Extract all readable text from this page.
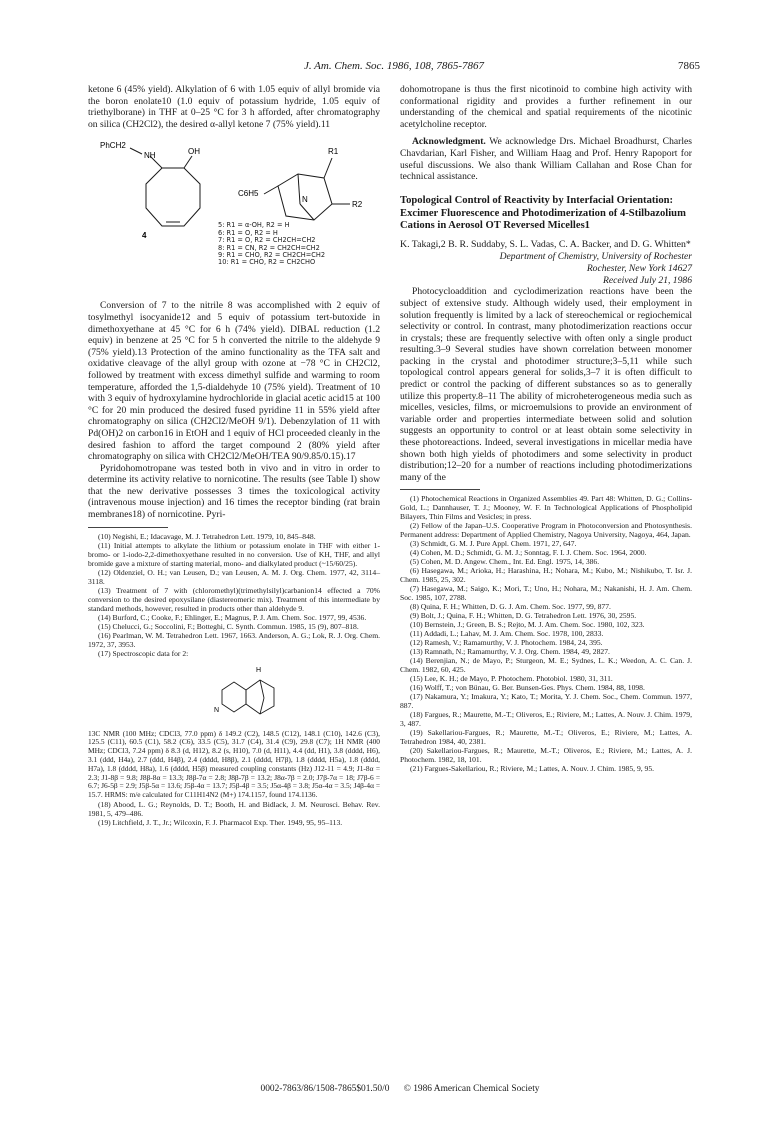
J. Am. Chem. Soc. 1986, 108, 7865-7867	7865

ketone 6 (45% yield). Alkylation of 6 with 1.05 equiv of allyl bromide via the boron enolate10 (1.0 equiv of potassium hydride, 1.05 equiv of triethylborane) in THF at 0–25 °C for 3 h afforded, after chromatography on silica (CH2Cl2), the desired α-allyl ketone 7 (75% yield).11

PhCH2
NH	OH
C6H5
N
R1
R2
4
5: R1 = α-OH, R2 = H
6: R1 = O, R2 = H
7: R1 = O, R2 = CH2CH=CH2
8: R1 = CN, R2 = CH2CH=CH2
9: R1 = CHO, R2 = CH2CH=CH2
10: R1 = CHO, R2 = CH2CHO

Conversion of 7 to the nitrile 8 was accomplished with 2 equiv of tosylmethyl isocyanide12 and 5 equiv of potassium tert-butoxide in dimethoxyethane at 45 °C for 6 h (74% yield). DIBAL reduction (1.2 equiv) in benzene at 25 °C for 5 h converted the nitrile to the aldehyde 9 (75% yield).13 Protection of the amino functionality as the TFA salt and oxidative cleavage of the allyl group with ozone at −78 °C in CH2Cl2, followed by treatment with excess dimethyl sulfide and warming to room temperature, afforded the 1,5-dialdehyde 10 (75% yield). Treatment of 10 with 3 equiv of hydroxylamine hydrochloride in glacial acetic acid15 at 100 °C for 20 min produced the desired fused pyridine 11 in 55% yield after chromatography on silica (CH2Cl2/MeOH 9/1). Debenzylation of 11 with Pd(OH)2 on carbon16 in EtOH and 1 equiv of HCl proceeded cleanly in the desired fashion to afford the target compound 2 (80% yield after chromatography on silica with CH2Cl2/MeOH/TEA 90/9.85/0.15).17

Pyridohomotropane was tested both in vivo and in vitro in order to determine its activity relative to nornicotine. The results (see Table I) show that the new derivative possesses 3 times the toxicological activity (intravenous mouse injection) and 16 times the receptor binding (rat brain membranes18) of nornicotine. Pyri-

(10) Negishi, E.; Idacavage, M. J. Tetrahedron Lett. 1979, 10, 845–848.

(11) Initial attempts to alkylate the lithium or potassium enolate in THF with either 1-bromo- or 1-iodo-2,2-dimethoxyethane resulted in no conversion. Use of KH, THF, and allyl bromide gave a mixture of starting material, mono- and dialkylated product (~15/60/25).

(12) Oldenziel, O. H.; van Leusen, D.; van Leusen, A. M. J. Org. Chem. 1977, 42, 3114–3118.

(13) Treatment of 7 with (chloromethyl)(trimethylsilyl)carbanion14 effected a 70% conversion to the desired epoxysilane (diastereomeric mix). Treatment of this intermediate by standard methods, however, resulted in products other than aldehyde 9.

(14) Burford, C.; Cooke, F.; Ehlinger, E.; Magnus, P. J. Am. Chem. Soc. 1977, 99, 4536.

(15) Chelucci, G.; Soccolini, F.; Botteghi, C. Synth. Commun. 1985, 15 (9), 807–818.

(16) Pearlman, W. M. Tetrahedron Lett. 1967, 1663. Anderson, A. G.; Lok, R. J. Org. Chem. 1972, 37, 3953.

(17) Spectroscopic data for 2:

H
N

13C NMR (100 MHz; CDCl3, 77.0 ppm) δ 149.2 (C2), 148.5 (C12), 148.1 (C10), 142.6 (C3), 125.5 (C11), 60.5 (C1), 58.2 (C6), 33.5 (C5), 31.7 (C4), 31.4 (C9), 29.8 (C7); 1H NMR (400 MHz; CDCl3, 7.24 ppm) δ 8.3 (d, H12), 8.2 (s, H10), 7.0 (d, H11), 4.4 (dd, H1), 3.8 (dddd, H6), 3.1 (ddd, H4a), 2.7 (ddd, H4β), 2.4 (dddd, H8β), 2.1 (dddd, H7β), 1.8 (dddd, H5a), 1.8 (dddd, H7a), 1.8 (dddd, H8a), 1.6 (dddd, H5β) measured coupling constants (Hz) J12-11 = 4.9; J1-8α = 2.3; J1-8β = 9.8; J8β-8α = 13.3; J8β-7α = 2.8; J8β-7β = 13.2; J8α-7β = 2.0; J7β-7α = 18; J7β-6 = 6.7; J6-5β = 2.9; J5β-5α = 13.6; J5β-4α = 13.7; J5β-4β = 3.5; J5α-4β = 3.8; J5α-4α = 3.5; J4β-4α = 15.7. HRMS: m/e calculated for C11H14N2 (M+) 174.1157, found 174.1136.

(18) Abood, L. G.; Reynolds, D. T.; Booth, H. and Bidlack, J. M. Neurosci. Behav. Rev. 1981, 5, 479–486.

(19) Litchfield, J. T., Jr.; Wilcoxin, F. J. Pharmacol Exp. Ther. 1949, 95, 95–113.

dohomotropane is thus the first nicotinoid to combine high activity with conformational rigidity and provides a further refinement in our understanding of the chemical and spatial requirements of the nicotinic acetylcholine receptor.

Acknowledgment. We acknowledge Drs. Michael Broadhurst, Charles Chavdarian, Karl Fisher, and William Haag and Prof. Henry Rapoport for useful discussions. We also thank William Callahan and Rose Chan for technical assistance.

Topological Control of Reactivity by Interfacial Orientation: Excimer Fluorescence and Photodimerization of 4-Stilbazolium Cations in Aerosol OT Reversed Micelles1

K. Takagi,2 B. R. Suddaby, S. L. Vadas, C. A. Backer, and D. G. Whitten*

Department of Chemistry, University of Rochester

Rochester, New York 14627

Received July 21, 1986

Photocycloaddition and cyclodimerization reactions have been the subject of extensive study. Although widely used, their employment in solution frequently is limited by a lack of stereochemical or regiochemical selectivity or control. In contrast, many photodimerization reactions occur in crystals; these are frequently selective with often only a single product resulting.3–9 Several studies have shown correlation between monomer packing in the crystal and photodimer structure;3–5,11 while such topological control appears general for solids,3–7 it is often difficult to predict or control the packing of different substances so as to generally utilize this property.8–11 The ability of microheterogeneous media such as micelles, vesicles, films, or microemulsions to provide an environment of variable order and properties intermediate between solid and solution suggests an opportunity to control or at least obtain some selectivity in these photoreactions. Indeed, several investigations in micellar media have shown both high yields of photodimers and some selectivity in product distribution;12–20 for a number of reactions including photodimerizations many of the

(1) Photochemical Reactions in Organized Assemblies 49. Part 48: Whitten, D. G.; Collins-Gold, L.; Dannhauser, T. J.; Mooney, W. F. In Technological Applications of Phospholipid Bilayers, Thin Films and Vesicles; in press.

(2) Fellow of the Japan–U.S. Cooperative Program in Photoconversion and Photosynthesis. Permanent address: Department of Applied Chemistry, Nagoya University, Nagoya, 464, Japan.

(3) Schmidt, G. M. J. Pure Appl. Chem. 1971, 27, 647.

(4) Cohen, M. D.; Schmidt, G. M. J.; Sonntag, F. I. J. Chem. Soc. 1964, 2000.

(5) Cohen, M. D. Angew. Chem., Int. Ed. Engl. 1975, 14, 386.

(6) Hasegawa, M.; Arioka, H.; Harashina, H.; Nohara, M.; Kubo, M.; Nishikubo, T. Isr. J. Chem. 1985, 25, 302.

(7) Hasegawa, M.; Saigo, K.; Mori, T.; Uno, H.; Nohara, M.; Nakanishi, H. J. Am. Chem. Soc. 1985, 107, 2788.

(8) Quina, F. H.; Whitten, D. G. J. Am. Chem. Soc. 1977, 99, 877.

(9) Bolt, J.; Quina, F. H.; Whitten, D. G. Tetrahedron Lett. 1976, 30, 2595.

(10) Bernstein, J.; Green, B. S.; Rejto, M. J. Am. Chem. Soc. 1980, 102, 323.

(11) Addadi, L.; Lahav, M. J. Am. Chem. Soc. 1978, 100, 2833.

(12) Ramesh, V.; Ramamurthy, V. J. Photochem. 1984, 24, 395.

(13) Ramnath, N.; Ramamurthy, V. J. Org. Chem. 1984, 49, 2827.

(14) Berenjian, N.; de Mayo, P.; Sturgeon, M. E.; Sydnes, L. K.; Weedon, A. C. Can. J. Chem. 1982, 60, 425.

(15) Lee, K. H.; de Mayo, P. Photochem. Photobiol. 1980, 31, 311.

(16) Wolff, T.; von Bünau, G. Ber. Bunsen-Ges. Phys. Chem. 1984, 88, 1098.

(17) Nakamura, Y.; Imakura, Y.; Kato, T.; Morita, Y. J. Chem. Soc., Chem. Commun. 1977, 887.

(18) Fargues, R.; Maurette, M.-T.; Oliveros, E.; Riviere, M.; Lattes, A. Nouv. J. Chim. 1979, 3, 487.

(19) Sakellariou-Fargues, R.; Maurette, M.-T.; Oliveros, E.; Riviere, M.; Lattes, A. Tetrahedron 1984, 40, 2381.

(20) Sakellariou-Fargues, R.; Maurette, M.-T.; Oliveros, E.; Riviere, M.; Lattes, A. J. Photochem. 1982, 18, 101.

(21) Fargues-Sakellariou, R.; Riviere, M.; Lattes, A. Nouv. J. Chim. 1985, 9, 95.

0002-7863/86/1508-7865$01.50/0 © 1986 American Chemical Society
